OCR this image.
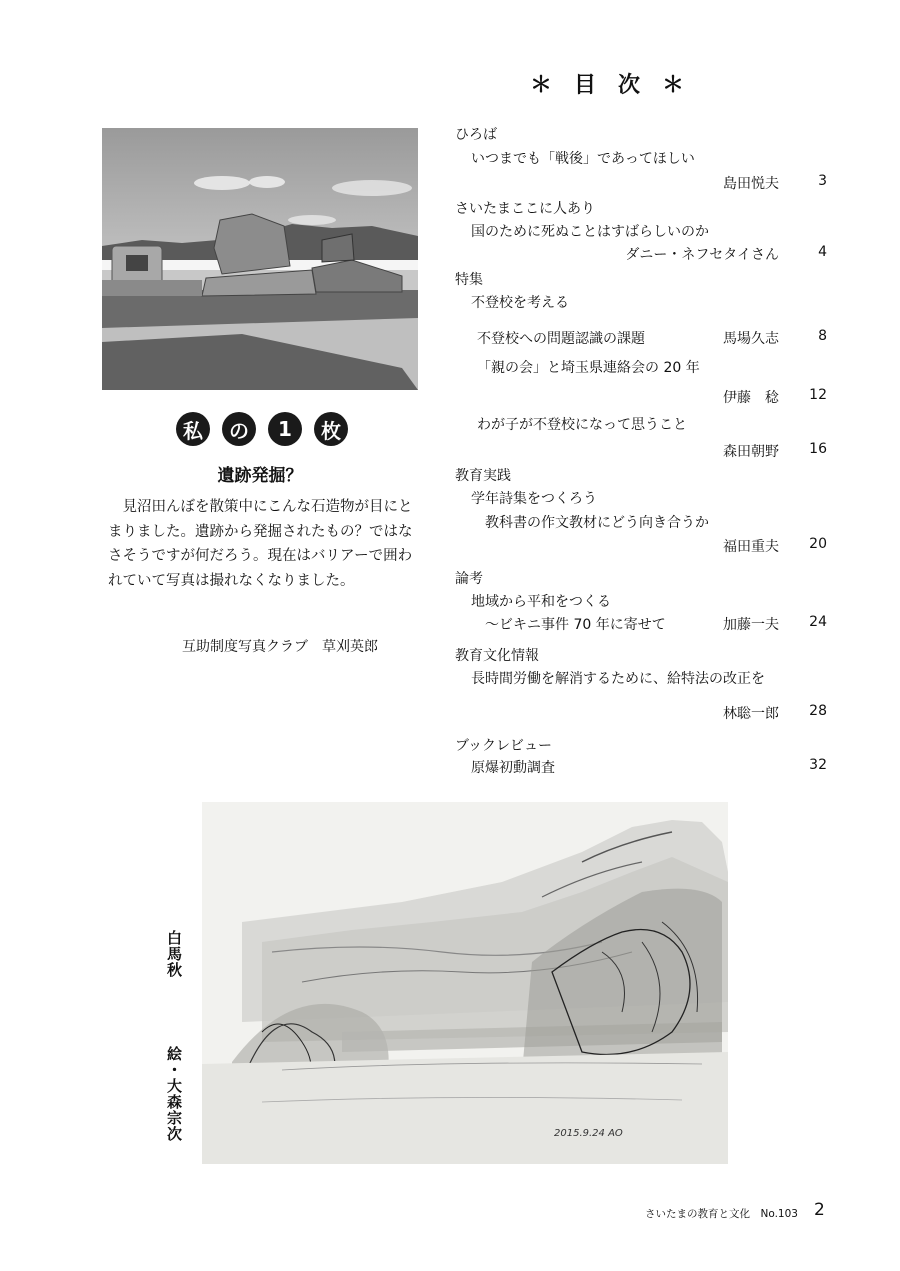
＊　目　次　＊
私	の	1	枚
遺跡発掘？

見沼田んぼを散策中にこんな石造物が目にとまりました。遺跡から発掘されたもの？ではなさそうですが何だろう。現在はバリアーで囲われていて写真は撮れなくなりました。

互助制度写真クラブ　草刈英郎
ひろば
いつまでも「戦後」であってほしい
島田悦夫	3
さいたまここに人あり
国のために死ぬことはすばらしいのか
ダニー・ネフセタイさん	4
特集
不登校を考える
不登校への問題認識の課題	馬場久志	8
「親の会」と埼玉県連絡会の 20 年
伊藤　稔 12
わが子が不登校になって思うこと
森田朝野 16
教育実践
学年詩集をつくろう
教科書の作文教材にどう向き合うか
福田重夫 20
論考
地域から平和をつくる
～ビキニ事件 70 年に寄せて	加藤一夫 24
教育文化情報
長時間労働を解消するために、給特法の改正を
林聡一郎 28
ブックレビュー
原爆初動調査	32
白馬秋
絵・大森宗次	2015.9.24 AO
さいたまの教育と文化　No.103 2
